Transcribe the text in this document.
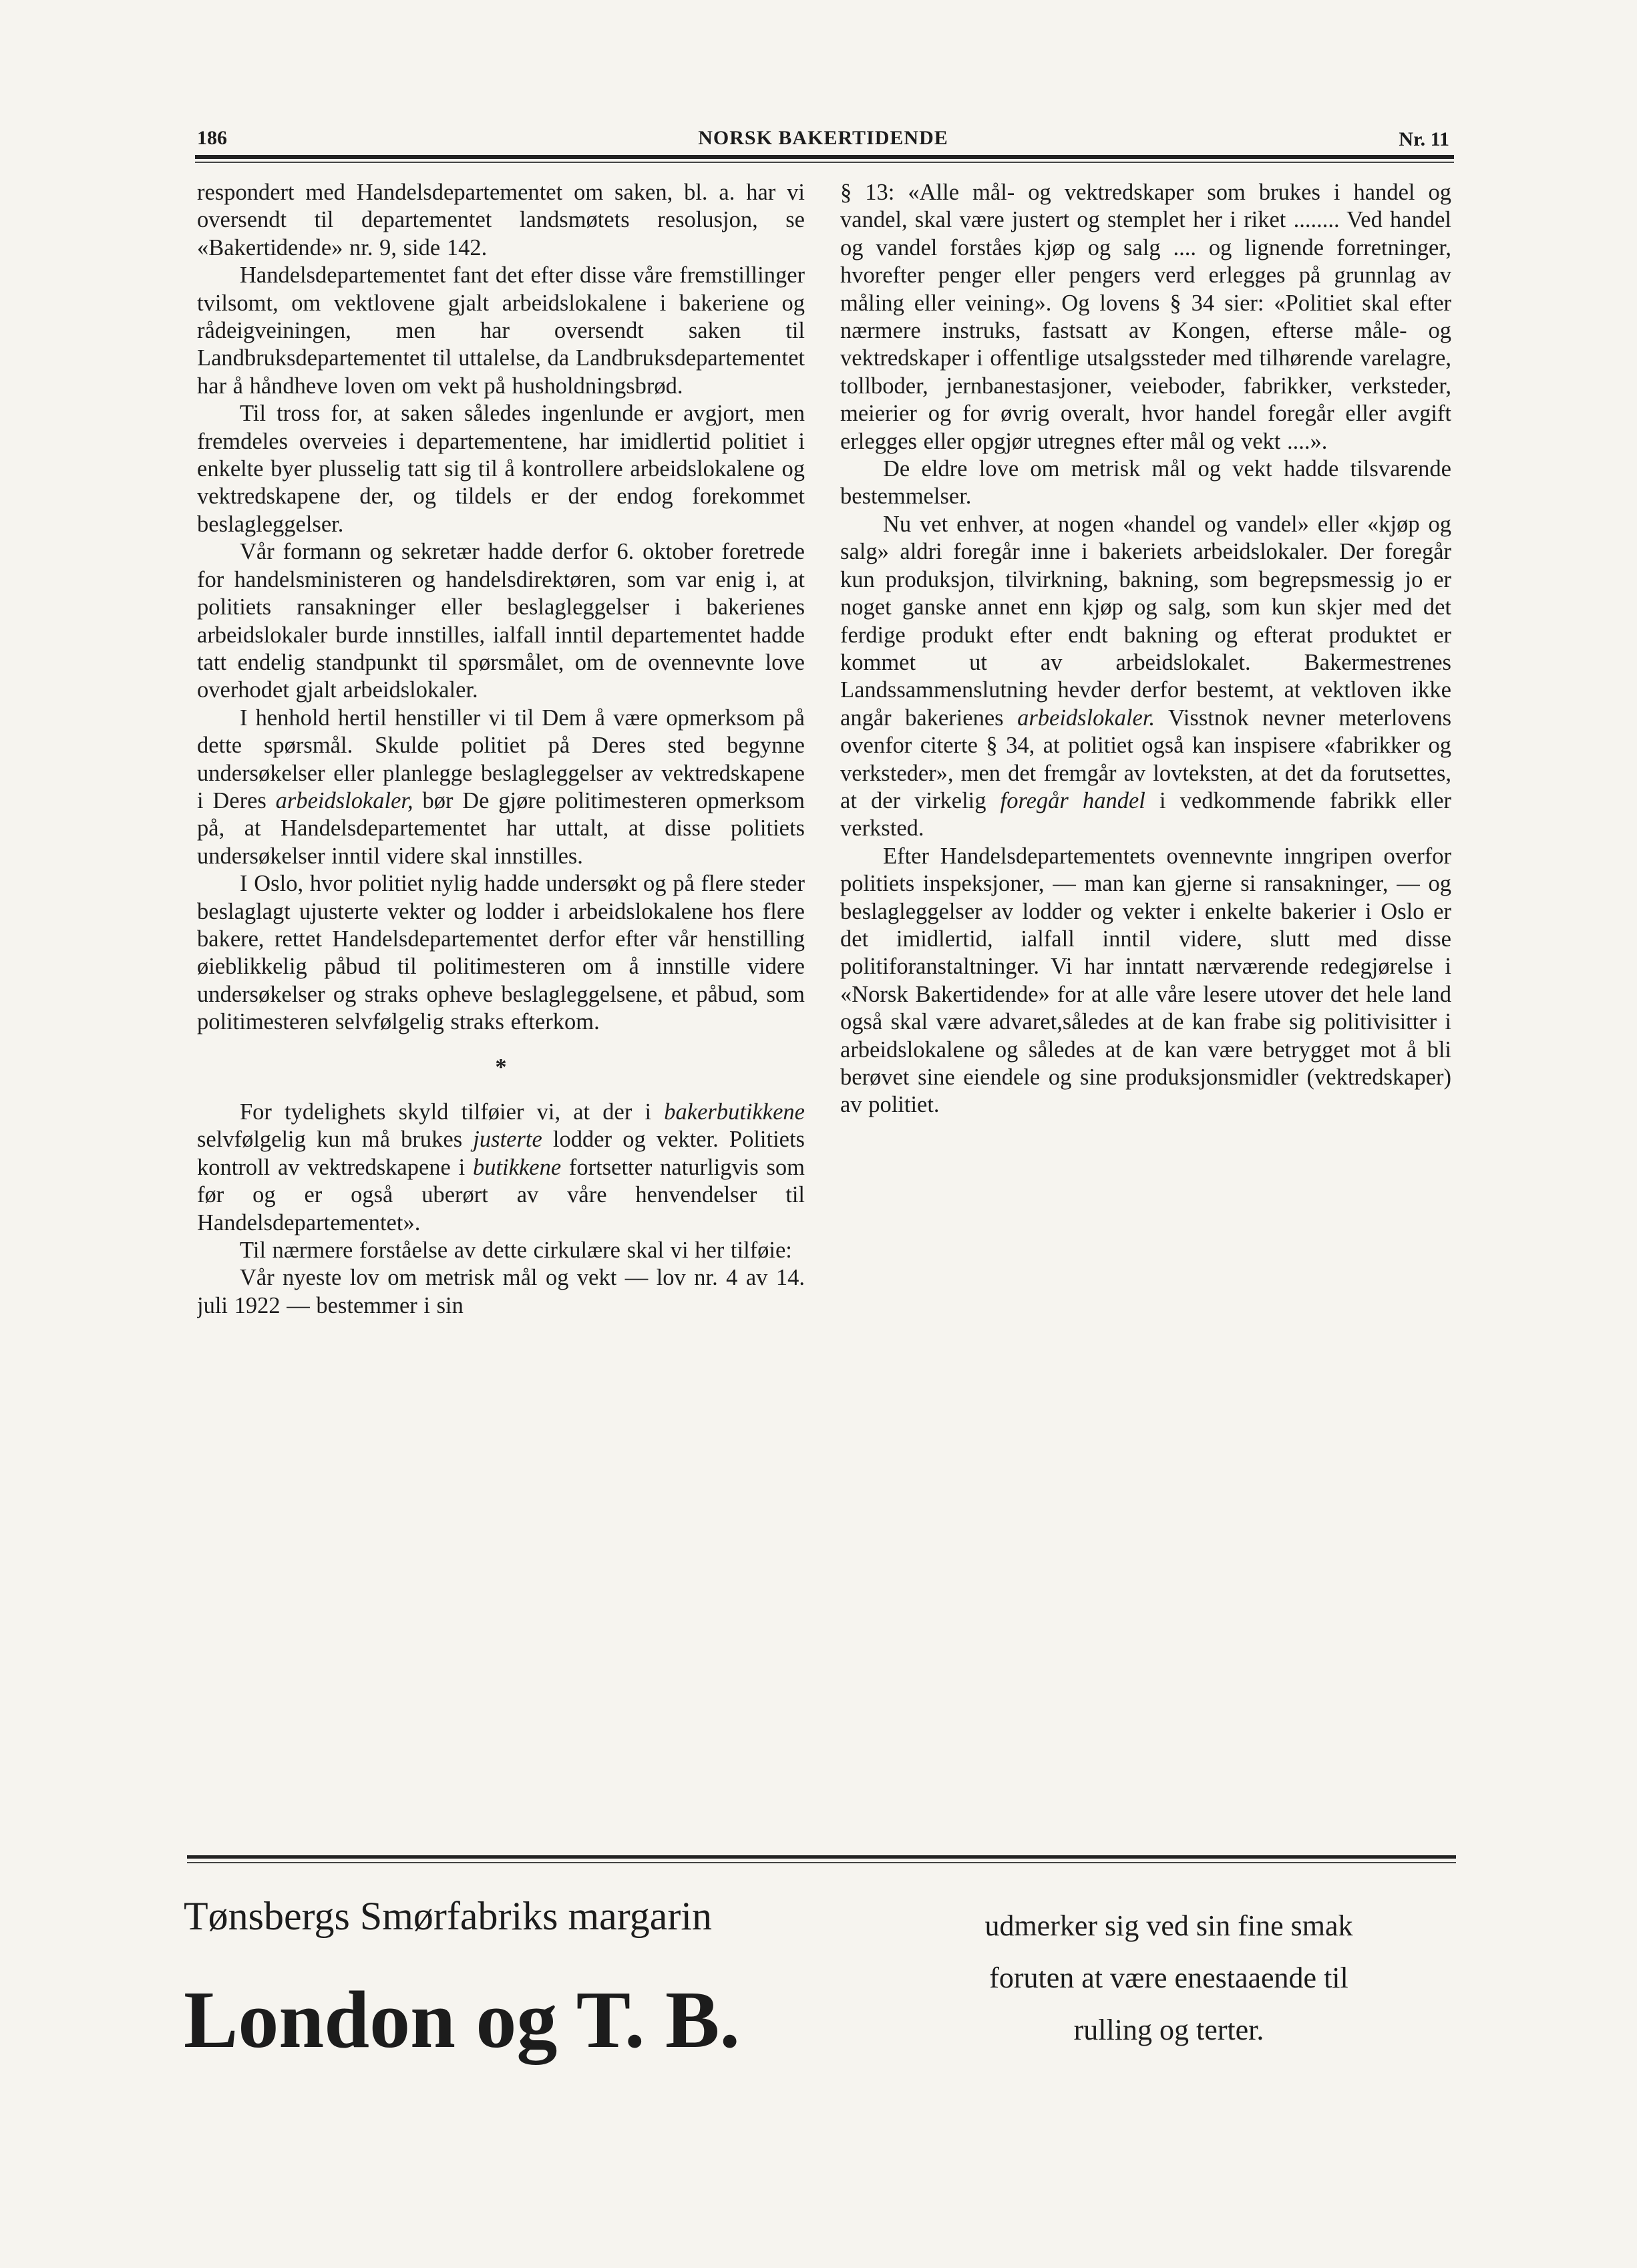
186	NORSK BAKERTIDENDE	Nr. 11

respondert med Handelsdepartementet om saken, bl. a. har vi oversendt til departementet landsmøtets resolusjon, se «Bakertidende» nr. 9, side 142.

Handelsdepartementet fant det efter disse våre fremstillinger tvilsomt, om vektlovene gjalt arbeidslokalene i bakeriene og rådeigveiningen, men har oversendt saken til Landbruksdepartementet til uttalelse, da Landbruksdepartementet har å håndheve loven om vekt på husholdningsbrød.

Til tross for, at saken således ingenlunde er avgjort, men fremdeles overveies i departementene, har imidlertid politiet i enkelte byer plusselig tatt sig til å kontrollere arbeidslokalene og vektredskapene der, og tildels er der endog forekommet beslagleggelser.

Vår formann og sekretær hadde derfor 6. oktober foretrede for handelsministeren og handelsdirektøren, som var enig i, at politiets ransakninger eller beslagleggelser i bakerienes arbeidslokaler burde innstilles, ialfall inntil departementet hadde tatt endelig standpunkt til spørsmålet, om de ovennevnte love overhodet gjalt arbeidslokaler.

I henhold hertil henstiller vi til Dem å være opmerksom på dette spørsmål. Skulde politiet på Deres sted begynne undersøkelser eller planlegge beslagleggelser av vektredskapene i Deres arbeidslokaler, bør De gjøre politimesteren opmerksom på, at Handelsdepartementet har uttalt, at disse politiets undersøkelser inntil videre skal innstilles.

I Oslo, hvor politiet nylig hadde undersøkt og på flere steder beslaglagt ujusterte vekter og lodder i arbeidslokalene hos flere bakere, rettet Handelsdepartementet derfor efter vår henstilling øieblikkelig påbud til politimesteren om å innstille videre undersøkelser og straks opheve beslagleggelsene, et påbud, som politimesteren selvfølgelig straks efterkom.

*

For tydelighets skyld tilføier vi, at der i bakerbutikkene selvfølgelig kun må brukes justerte lodder og vekter. Politiets kontroll av vektredskapene i butikkene fortsetter naturligvis som før og er også uberørt av våre henvendelser til Handelsdepartementet».

Til nærmere forståelse av dette cirkulære skal vi her tilføie:

Vår nyeste lov om metrisk mål og vekt — lov nr. 4 av 14. juli 1922 — bestemmer i sin

§ 13: «Alle mål- og vektredskaper som brukes i handel og vandel, skal være justert og stemplet her i riket ........ Ved handel og vandel forståes kjøp og salg .... og lignende forretninger, hvorefter penger eller pengers verd erlegges på grunnlag av måling eller veining». Og lovens § 34 sier: «Politiet skal efter nærmere instruks, fastsatt av Kongen, efterse måle- og vektredskaper i offentlige utsalgssteder med tilhørende varelagre, tollboder, jernbanestasjoner, veieboder, fabrikker, verksteder, meierier og for øvrig overalt, hvor handel foregår eller avgift erlegges eller opgjør utregnes efter mål og vekt ....».

De eldre love om metrisk mål og vekt hadde tilsvarende bestemmelser.

Nu vet enhver, at nogen «handel og vandel» eller «kjøp og salg» aldri foregår inne i bakeriets arbeidslokaler. Der foregår kun produksjon, tilvirkning, bakning, som begrepsmessig jo er noget ganske annet enn kjøp og salg, som kun skjer med det ferdige produkt efter endt bakning og efterat produktet er kommet ut av arbeidslokalet. Bakermestrenes Landssammenslutning hevder derfor bestemt, at vektloven ikke angår bakerienes arbeidslokaler. Visstnok nevner meterlovens ovenfor citerte § 34, at politiet også kan inspisere «fabrikker og verksteder», men det fremgår av lovteksten, at det da forutsettes, at der virkelig foregår handel i vedkommende fabrikk eller verksted.

Efter Handelsdepartementets ovennevnte inngripen overfor politiets inspeksjoner, — man kan gjerne si ransakninger, — og beslagleggelser av lodder og vekter i enkelte bakerier i Oslo er det imidlertid, ialfall inntil videre, slutt med disse politiforanstaltninger. Vi har inntatt nærværende redegjørelse i «Norsk Bakertidende» for at alle våre lesere utover det hele land også skal være advaret,således at de kan frabe sig politivisitter i arbeidslokalene og således at de kan være betrygget mot å bli berøvet sine eiendele og sine produksjonsmidler (vektredskaper) av politiet.

Tønsbergs Smørfabriks margarin
London og T. B.
udmerker sig ved sin fine smak
foruten at være enestaaende til
rulling og terter.
